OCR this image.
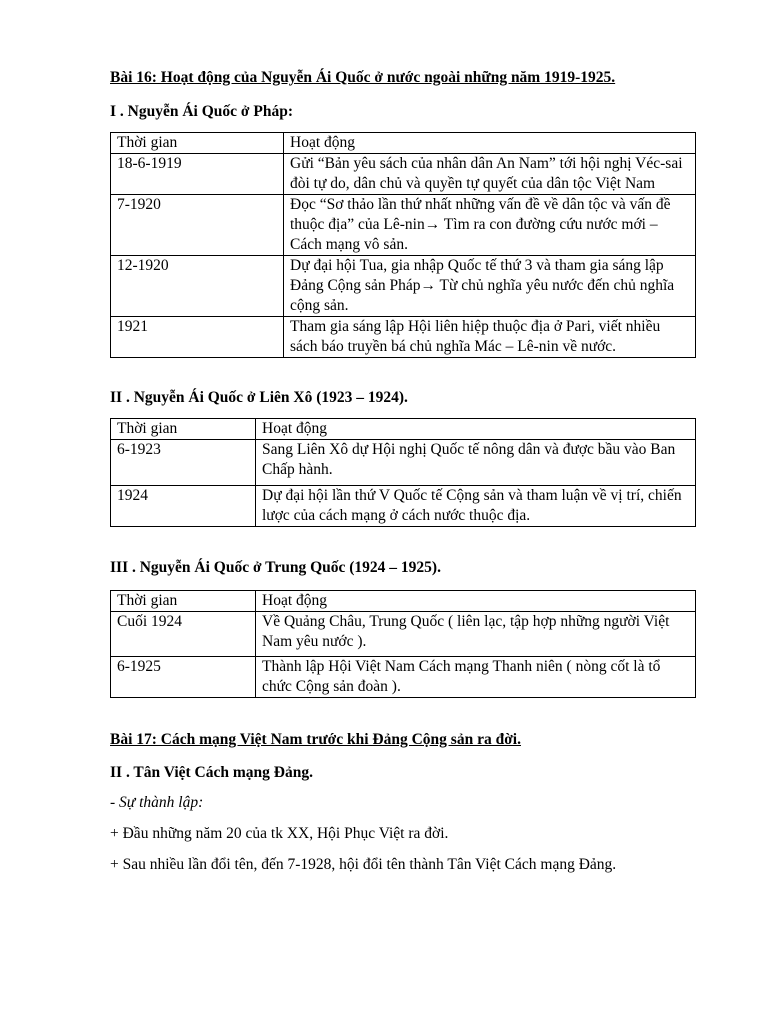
Bài 16: Hoạt động của Nguyễn Ái Quốc ở nước ngoài những năm 1919-1925.

I . Nguyễn Ái Quốc ở Pháp:

Thời gian	Hoạt động
18-6-1919	Gửi “Bản yêu sách của nhân dân An Nam” tới hội nghị Véc-sai đòi tự do, dân chủ và quyền tự quyết của dân tộc Việt Nam
7-1920	Đọc “Sơ thảo lần thứ nhất những vấn đề về dân tộc và vấn đề thuộc địa” của Lê-nin→ Tìm ra con đường cứu nước mới – Cách mạng vô sản.
12-1920	Dự đại hội Tua, gia nhập Quốc tế thứ 3 và tham gia sáng lập Đảng Cộng sản Pháp→ Từ chủ nghĩa yêu nước đến chủ nghĩa cộng sản.
1921	Tham gia sáng lập Hội liên hiệp thuộc địa ở Pari, viết nhiều sách báo truyền bá chủ nghĩa Mác – Lê-nin về nước.

II . Nguyễn Ái Quốc ở Liên Xô (1923 – 1924).

Thời gian	Hoạt động
6-1923	Sang Liên Xô dự Hội nghị Quốc tế nông dân và được bầu vào Ban Chấp hành.
1924	Dự đại hội lần thứ V Quốc tế Cộng sản và tham luận về vị trí, chiến lược của cách mạng ở cách nước thuộc địa.

III . Nguyễn Ái Quốc ở Trung Quốc (1924 – 1925).

Thời gian	Hoạt động
Cuối 1924	Về Quảng Châu, Trung Quốc ( liên lạc, tập hợp những người Việt Nam yêu nước ).
6-1925	Thành lập Hội Việt Nam Cách mạng Thanh niên ( nòng cốt là tổ chức Cộng sản đoàn ).

Bài 17: Cách mạng Việt Nam trước khi Đảng Cộng sản ra đời.

II . Tân Việt Cách mạng Đảng.

- Sự thành lập:

+ Đầu những năm 20 của tk XX, Hội Phục Việt ra đời.

+ Sau nhiều lần đổi tên, đến 7-1928, hội đổi tên thành Tân Việt Cách mạng Đảng.
